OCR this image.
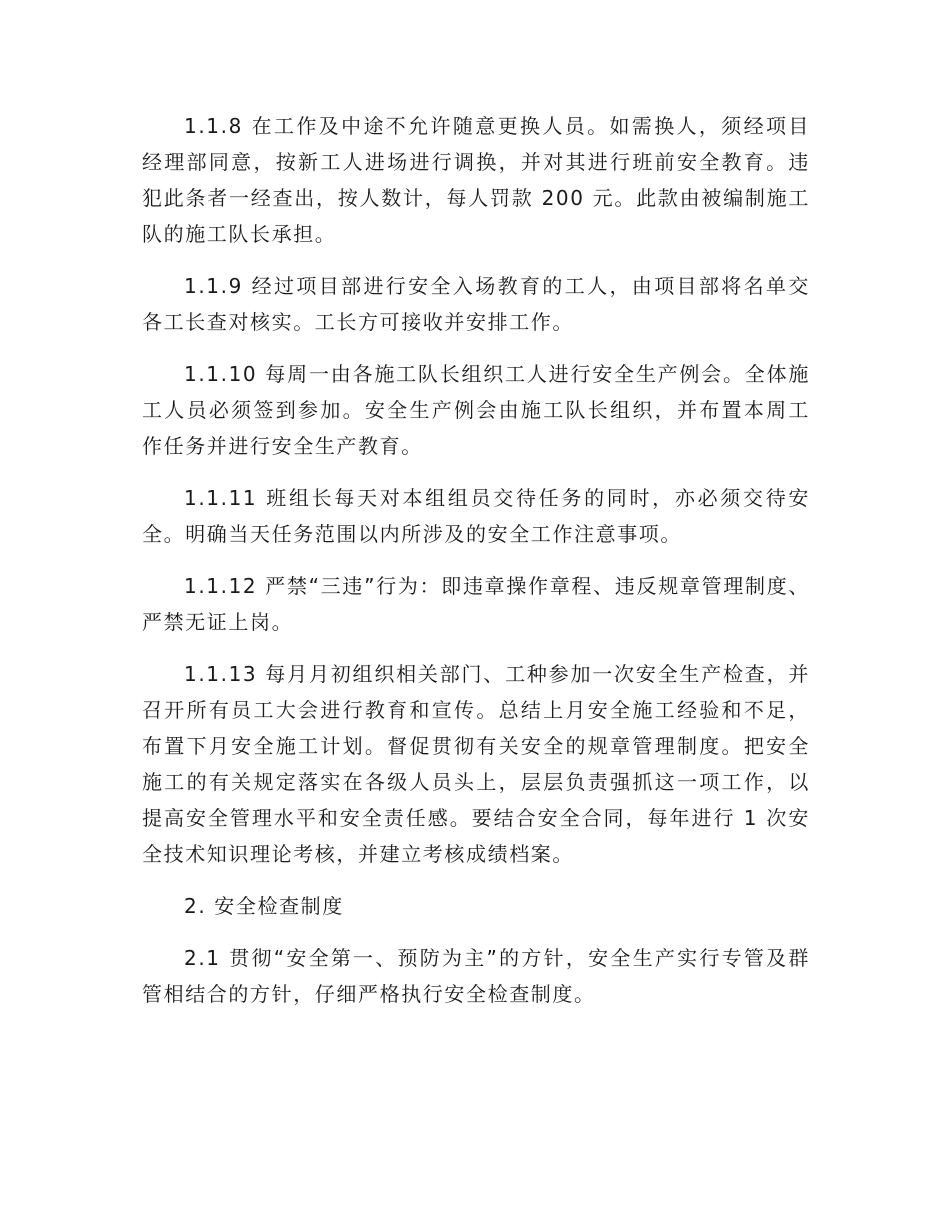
1.1.8 在工作及中途不允许随意更换人员。如需换人，须经项目经理部同意，按新工人进场进行调换，并对其进行班前安全教育。违犯此条者一经查出，按人数计，每人罚款 200 元。此款由被编制施工队的施工队长承担。

1.1.9 经过项目部进行安全入场教育的工人，由项目部将名单交各工长查对核实。工长方可接收并安排工作。

1.1.10 每周一由各施工队长组织工人进行安全生产例会。全体施工人员必须签到参加。安全生产例会由施工队长组织，并布置本周工作任务并进行安全生产教育。

1.1.11 班组长每天对本组组员交待任务的同时，亦必须交待安全。明确当天任务范围以内所涉及的安全工作注意事项。

1.1.12 严禁“三违”行为：即违章操作章程、违反规章管理制度、严禁无证上岗。

1.1.13 每月月初组织相关部门、工种参加一次安全生产检查，并召开所有员工大会进行教育和宣传。总结上月安全施工经验和不足，布置下月安全施工计划。督促贯彻有关安全的规章管理制度。把安全施工的有关规定落实在各级人员头上，层层负责强抓这一项工作，以提高安全管理水平和安全责任感。要结合安全合同，每年进行 1 次安全技术知识理论考核，并建立考核成绩档案。

2. 安全检查制度

2.1 贯彻“安全第一、预防为主”的方针，安全生产实行专管及群管相结合的方针，仔细严格执行安全检查制度。
